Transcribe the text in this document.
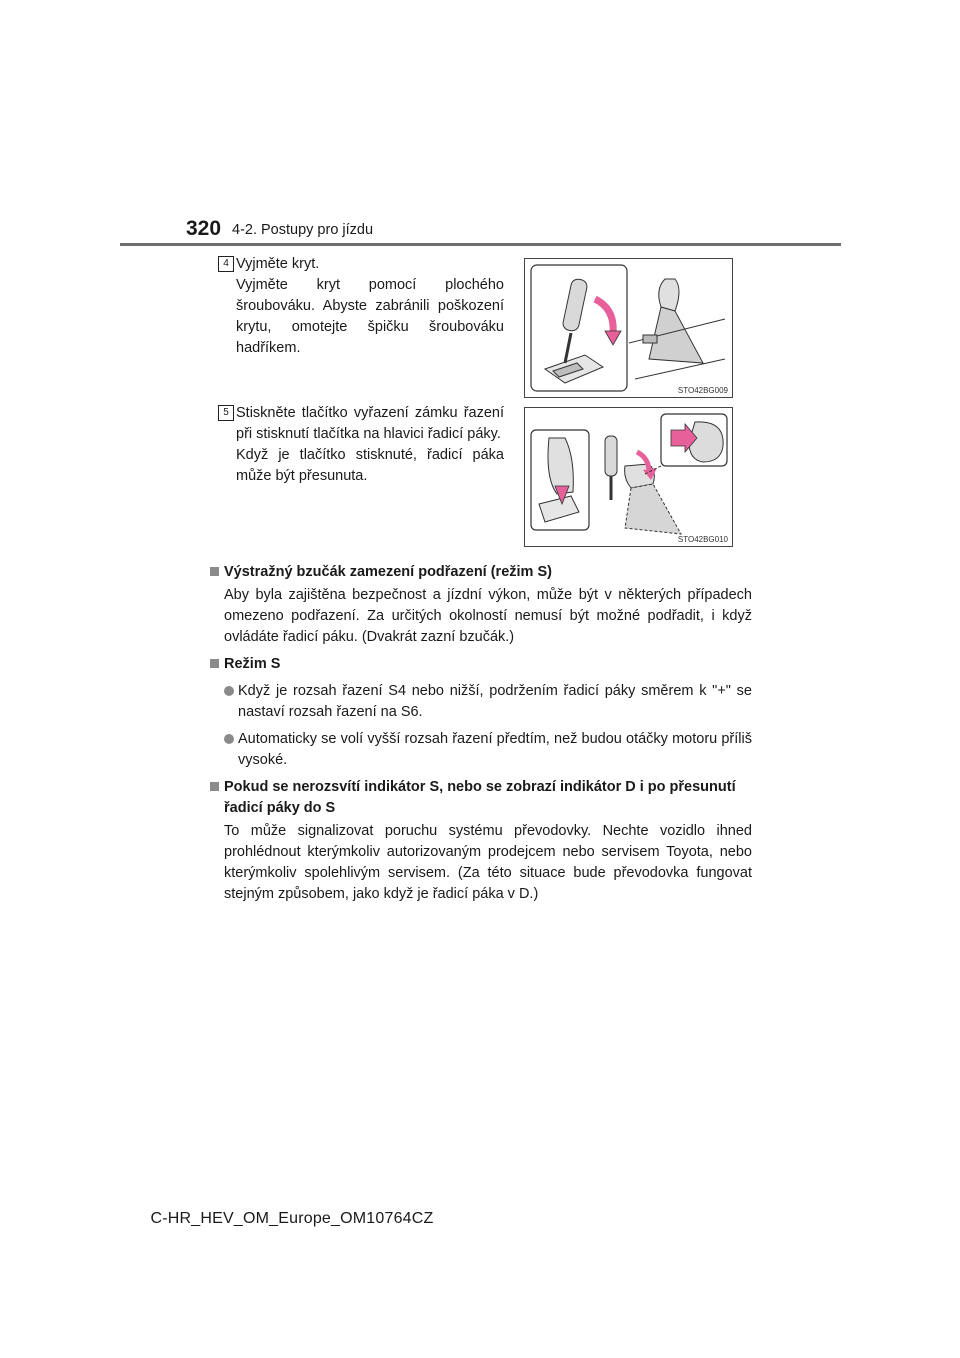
320 4-2. Postupy pro jízdu
4 Vyjměte kryt.

Vyjměte kryt pomocí plochého šroubováku. Abyste zabránili poškození krytu, omotejte špičku šroubováku hadříkem.

STO42BG009
5 Stiskněte tlačítko vyřazení zámku řazení při stisknutí tlačítka na hlavici řadicí páky.

Když je tlačítko stisknuté, řadicí páka může být přesunuta.

STO42BG010
Výstražný bzučák zamezení podřazení (režim S)

Aby byla zajištěna bezpečnost a jízdní výkon, může být v některých případech omezeno podřazení. Za určitých okolností nemusí být možné podřadit, i když ovládáte řadicí páku. (Dvakrát zazní bzučák.)

Režim S
Když je rozsah řazení S4 nebo nižší, podržením řadicí páky směrem k "+" se nastaví rozsah řazení na S6.
Automaticky se volí vyšší rozsah řazení předtím, než budou otáčky motoru příliš vysoké.
Pokud se nerozsvítí indikátor S, nebo se zobrazí indikátor D i po přesunutí řadicí páky do S

To může signalizovat poruchu systému převodovky. Nechte vozidlo ihned prohlédnout kterýmkoliv autorizovaným prodejcem nebo servisem Toyota, nebo kterýmkoliv spolehlivým servisem. (Za této situace bude převodovka fungovat stejným způsobem, jako když je řadicí páka v D.)

C-HR_HEV_OM_Europe_OM10764CZ
